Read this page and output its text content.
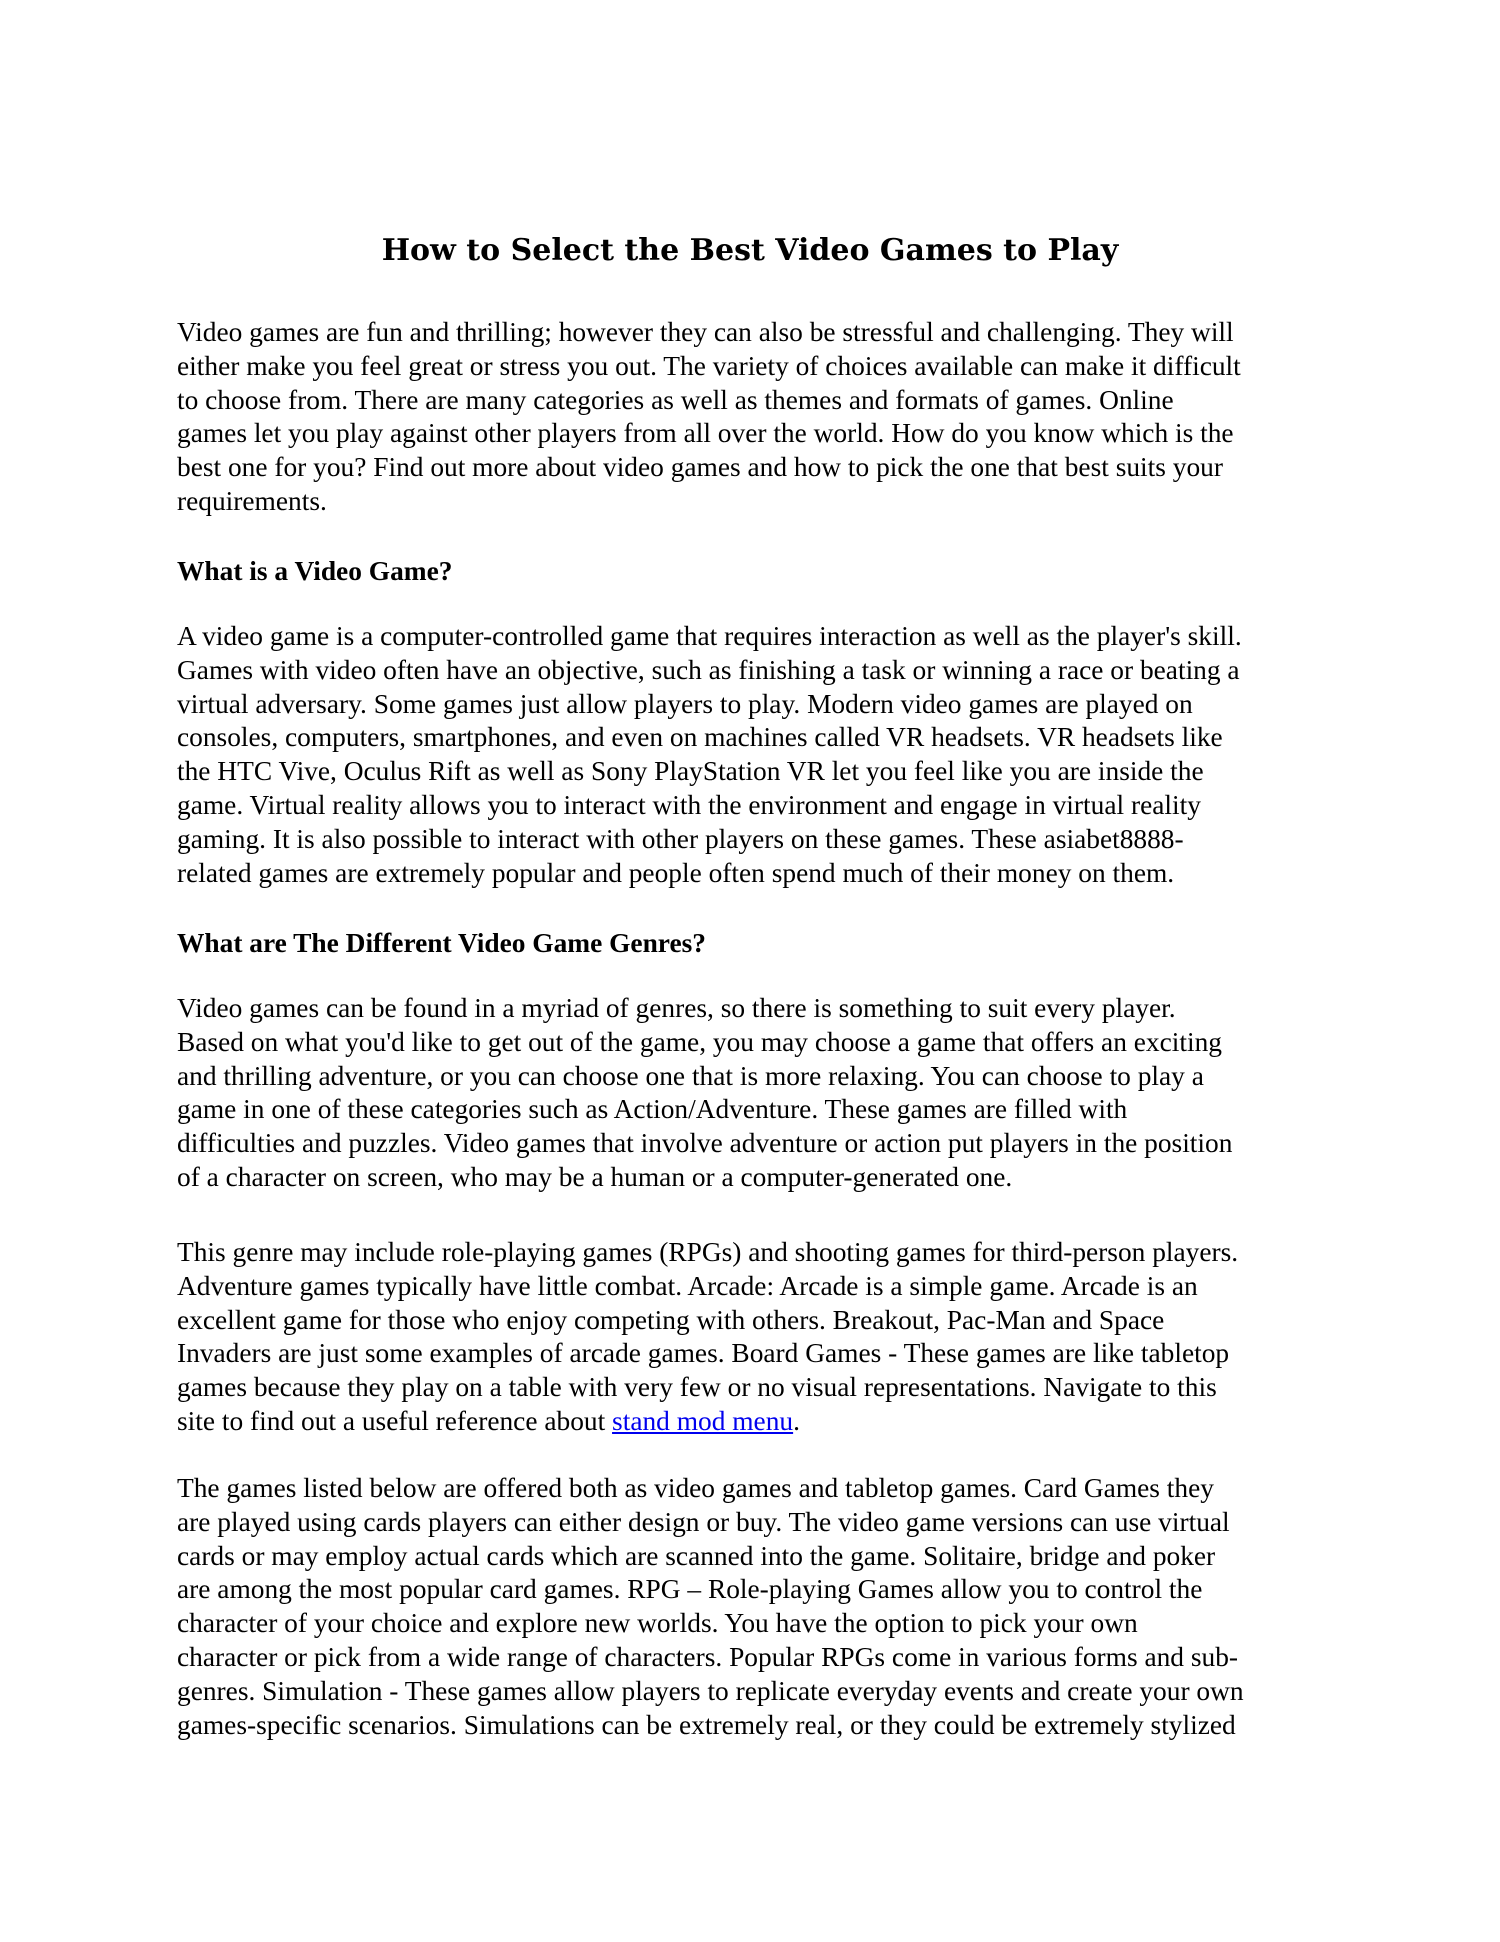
How to Select the Best Video Games to Play
Video games are fun and thrilling; however they can also be stressful and challenging. They will
either make you feel great or stress you out. The variety of choices available can make it difficult
to choose from. There are many categories as well as themes and formats of games. Online
games let you play against other players from all over the world. How do you know which is the
best one for you? Find out more about video games and how to pick the one that best suits your
requirements.
What is a Video Game?
A video game is a computer-controlled game that requires interaction as well as the player's skill.
Games with video often have an objective, such as finishing a task or winning a race or beating a
virtual adversary. Some games just allow players to play. Modern video games are played on
consoles, computers, smartphones, and even on machines called VR headsets. VR headsets like
the HTC Vive, Oculus Rift as well as Sony PlayStation VR let you feel like you are inside the
game. Virtual reality allows you to interact with the environment and engage in virtual reality
gaming. It is also possible to interact with other players on these games. These asiabet8888-
related games are extremely popular and people often spend much of their money on them.
What are The Different Video Game Genres?
Video games can be found in a myriad of genres, so there is something to suit every player.
Based on what you'd like to get out of the game, you may choose a game that offers an exciting
and thrilling adventure, or you can choose one that is more relaxing. You can choose to play a
game in one of these categories such as Action/Adventure. These games are filled with
difficulties and puzzles. Video games that involve adventure or action put players in the position
of a character on screen, who may be a human or a computer-generated one.
This genre may include role-playing games (RPGs) and shooting games for third-person players.
Adventure games typically have little combat. Arcade: Arcade is a simple game. Arcade is an
excellent game for those who enjoy competing with others. Breakout, Pac-Man and Space
Invaders are just some examples of arcade games. Board Games - These games are like tabletop
games because they play on a table with very few or no visual representations. Navigate to this
site to find out a useful reference about stand mod menu.
The games listed below are offered both as video games and tabletop games. Card Games they
are played using cards players can either design or buy. The video game versions can use virtual
cards or may employ actual cards which are scanned into the game. Solitaire, bridge and poker
are among the most popular card games. RPG – Role-playing Games allow you to control the
character of your choice and explore new worlds. You have the option to pick your own
character or pick from a wide range of characters. Popular RPGs come in various forms and sub-
genres. Simulation - These games allow players to replicate everyday events and create your own
games-specific scenarios. Simulations can be extremely real, or they could be extremely stylized
